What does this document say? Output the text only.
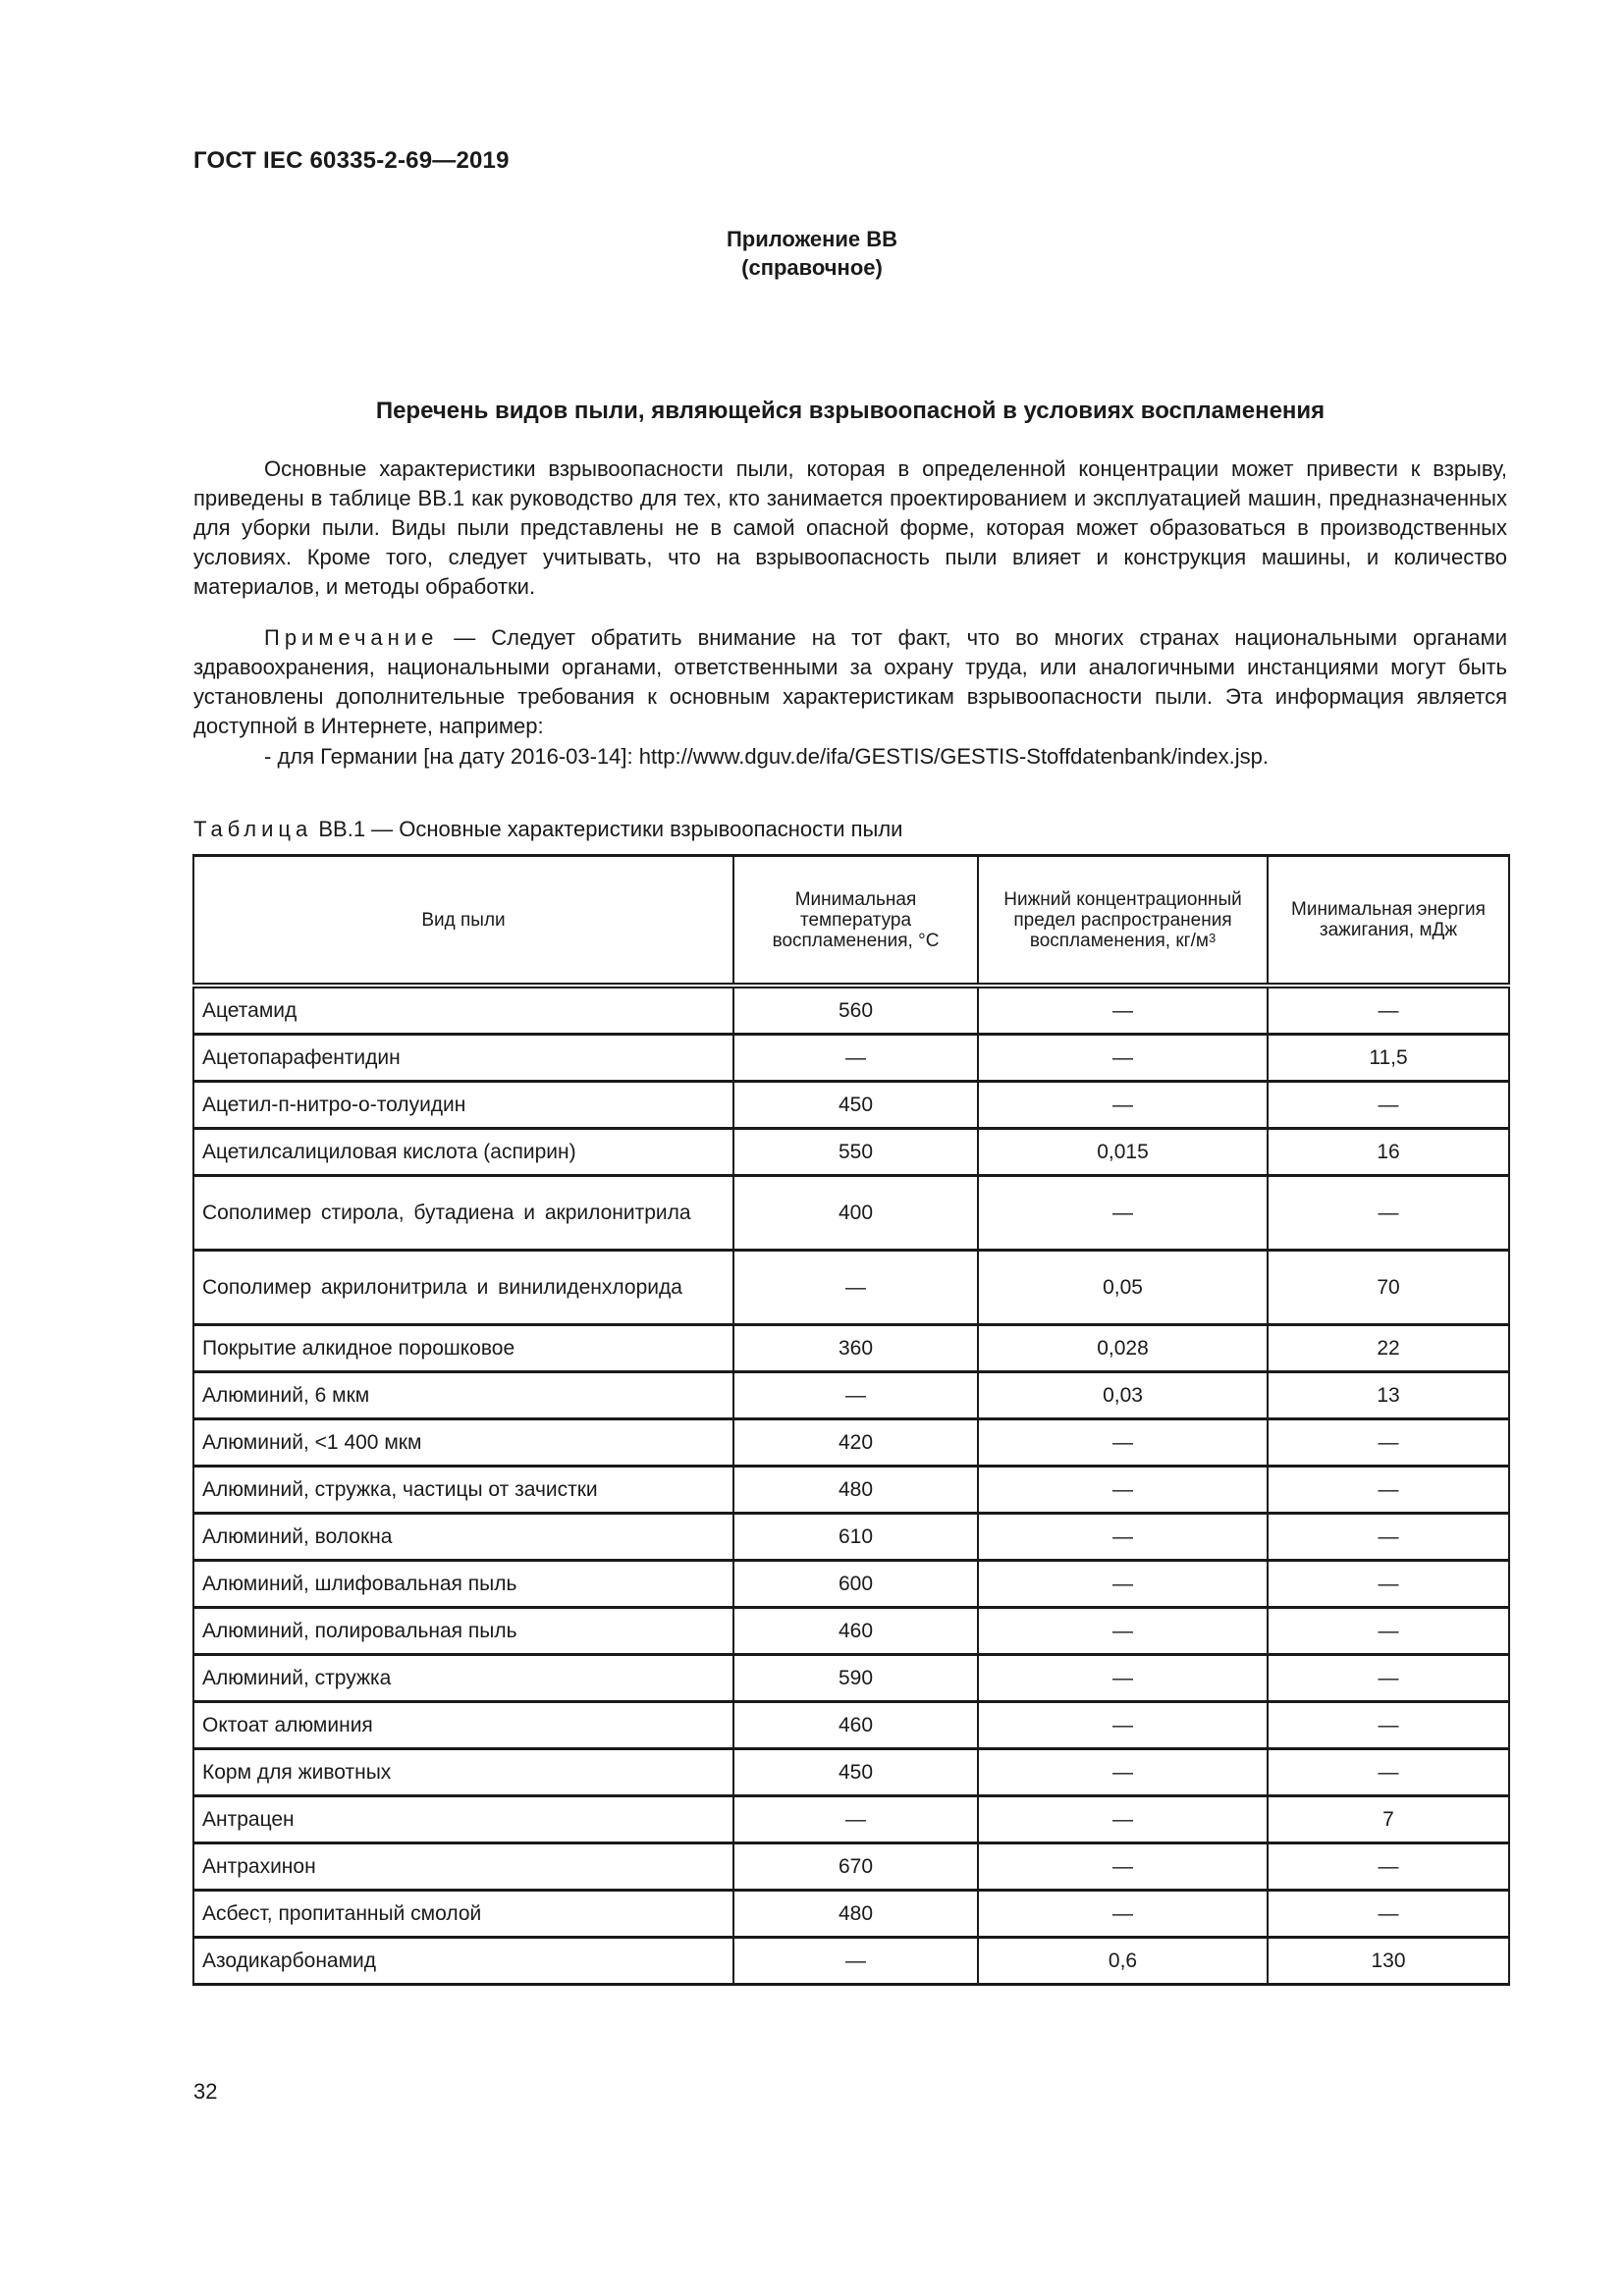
ГОСТ IEC 60335-2-69—2019
Приложение ВВ
(справочное)
Перечень видов пыли, являющейся взрывоопасной в условиях воспламенения
Основные характеристики взрывоопасности пыли, которая в определенной концентрации может привести к взрыву, приведены в таблице ВВ.1 как руководство для тех, кто занимается проектированием и эксплуатацией машин, предназначенных для уборки пыли. Виды пыли представлены не в самой опасной форме, которая может образоваться в производственных условиях. Кроме того, следует учитывать, что на взрывоопасность пыли влияет и конструкция машины, и количество материалов, и методы обработки.
Примечание — Следует обратить внимание на тот факт, что во многих странах национальными органами здравоохранения, национальными органами, ответственными за охрану труда, или аналогичными инстанциями могут быть установлены дополнительные требования к основным характеристикам взрывоопасности пыли. Эта информация является доступной в Интернете, например:
- для Германии [на дату 2016-03-14]: http://www.dguv.de/ifa/GESTIS/GESTIS-Stoffdatenbank/index.jsp.
Таблица ВВ.1 — Основные характеристики взрывоопасности пыли
Вид пыли	Минимальная температура воспламенения, °С	Нижний концентрационный предел распространения воспламенения, $кг/м^3$	Минимальная энергия зажигания, мДж
Ацетамид	560	—	—
Ацетопарафентидин	—	—	11,5
Ацетил-п-нитро-о-толуидин	450	—	—
Ацетилсалициловая кислота (аспирин)	550	0,015	16
Сополимер стирола, бутадиена и акрилонитрила	400	—	—
Сополимер акрилонитрила и винилиденхлорида	—	0,05	70
Покрытие алкидное порошковое	360	0,028	22
Алюминий, 6 мкм	—	0,03	13
Алюминий, <1 400 мкм	420	—	—
Алюминий, стружка, частицы от зачистки	480	—	—
Алюминий, волокна	610	—	—
Алюминий, шлифовальная пыль	600	—	—
Алюминий, полировальная пыль	460	—	—
Алюминий, стружка	590	—	—
Октоат алюминия	460	—	—
Корм для животных	450	—	—
Антрацен	—	—	7
Антрахинон	670	—	—
Асбест, пропитанный смолой	480	—	—
Азодикарбонамид	—	0,6	130
32
